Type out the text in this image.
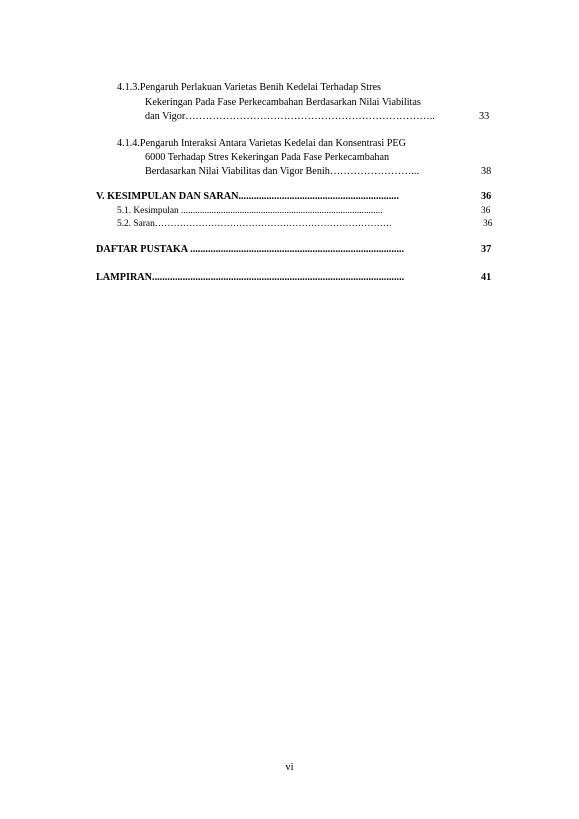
4.1.3.Pengaruh Perlakuan Varietas Benih Kedelai Terhadap Stres
Kekeringan Pada Fase Perkecambahan Berdasarkan Nilai Viabilitas
dan Vigor………………………………………………………………..	33
4.1.4.Pengaruh Interaksi Antara Varietas Kedelai dan Konsentrasi PEG
6000 Terhadap Stres Kekeringan Pada Fase Perkecambahan
Berdasarkan Nilai Viabilitas dan Vigor Benih……………………...	38
V. KESIMPULAN DAN SARAN...............................................................	36
5.1. Kesimpulan ......................................................................................	36
5.2. Saran………………………………………………………………….	36
DAFTAR PUSTAKA ....................................................................................	37
LAMPIRAN...................................................................................................	41
vi
